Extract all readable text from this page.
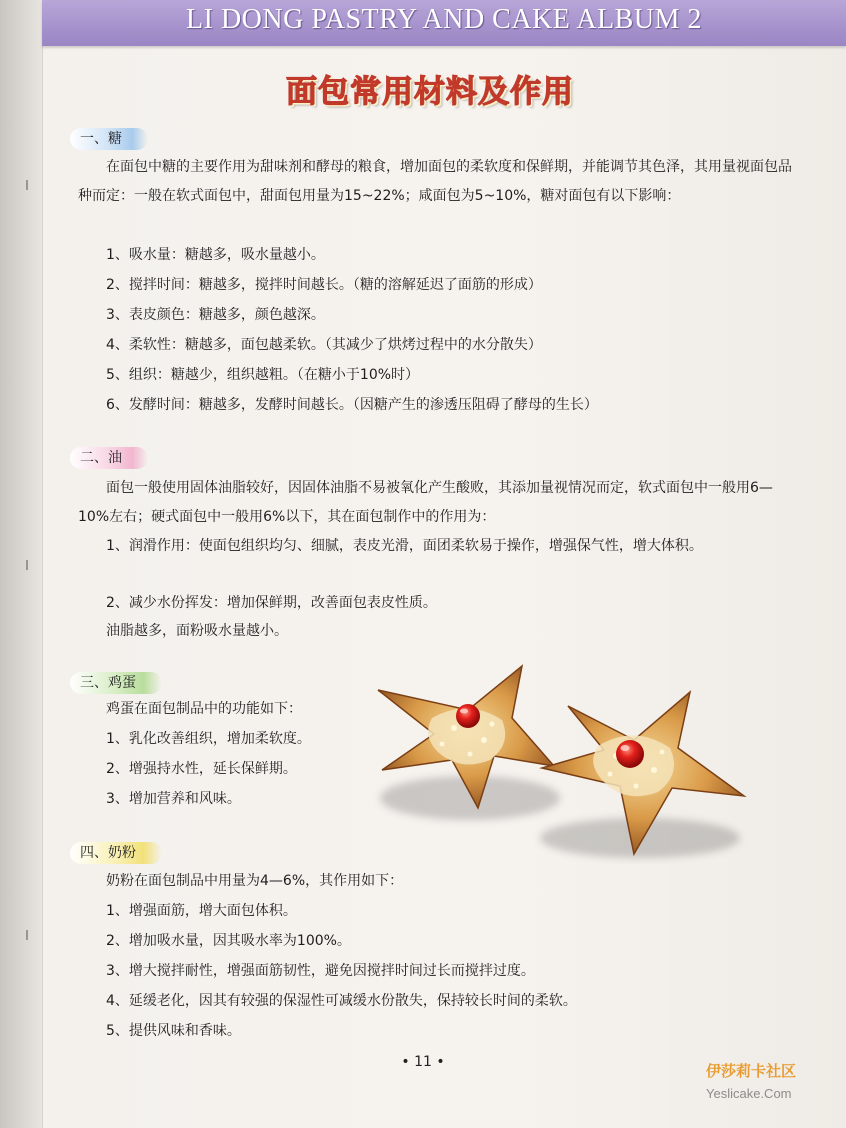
LI DONG PASTRY AND CAKE ALBUM 2
面包常用材料及作用
一、糖
在面包中糖的主要作用为甜味剂和酵母的粮食，增加面包的柔软度和保鲜期，并能调节其色泽，其用量视面包品种而定：一般在软式面包中，甜面包用量为15~22%；咸面包为5~10%，糖对面包有以下影响：
1、吸水量：糖越多，吸水量越小。
2、搅拌时间：糖越多，搅拌时间越长。（糖的溶解延迟了面筋的形成）
3、表皮颜色：糖越多，颜色越深。
4、柔软性：糖越多，面包越柔软。（其减少了烘烤过程中的水分散失）
5、组织：糖越少，组织越粗。（在糖小于10%时）
6、发酵时间：糖越多，发酵时间越长。（因糖产生的渗透压阻碍了酵母的生长）
二、油
面包一般使用固体油脂较好，因固体油脂不易被氧化产生酸败，其添加量视情况而定，软式面包中一般用6—10%左右；硬式面包中一般用6%以下，其在面包制作中的作用为：
1、润滑作用：使面包组织均匀、细腻，表皮光滑，面团柔软易于操作，增强保气性，增大体积。
2、减少水份挥发：增加保鲜期，改善面包表皮性质。
油脂越多，面粉吸水量越小。
三、鸡蛋
鸡蛋在面包制品中的功能如下：
1、乳化改善组织，增加柔软度。
2、增强持水性，延长保鲜期。
3、增加营养和风味。
四、奶粉
奶粉在面包制品中用量为4—6%，其作用如下：
1、增强面筋，增大面包体积。
2、增加吸水量，因其吸水率为100%。
3、增大搅拌耐性，增强面筋韧性，避免因搅拌时间过长而搅拌过度。
4、延缓老化，因其有较强的保湿性可减缓水份散失，保持较长时间的柔软。
5、提供风味和香味。
• 11 •	伊莎莉卡社区
Yeslicake.Com
